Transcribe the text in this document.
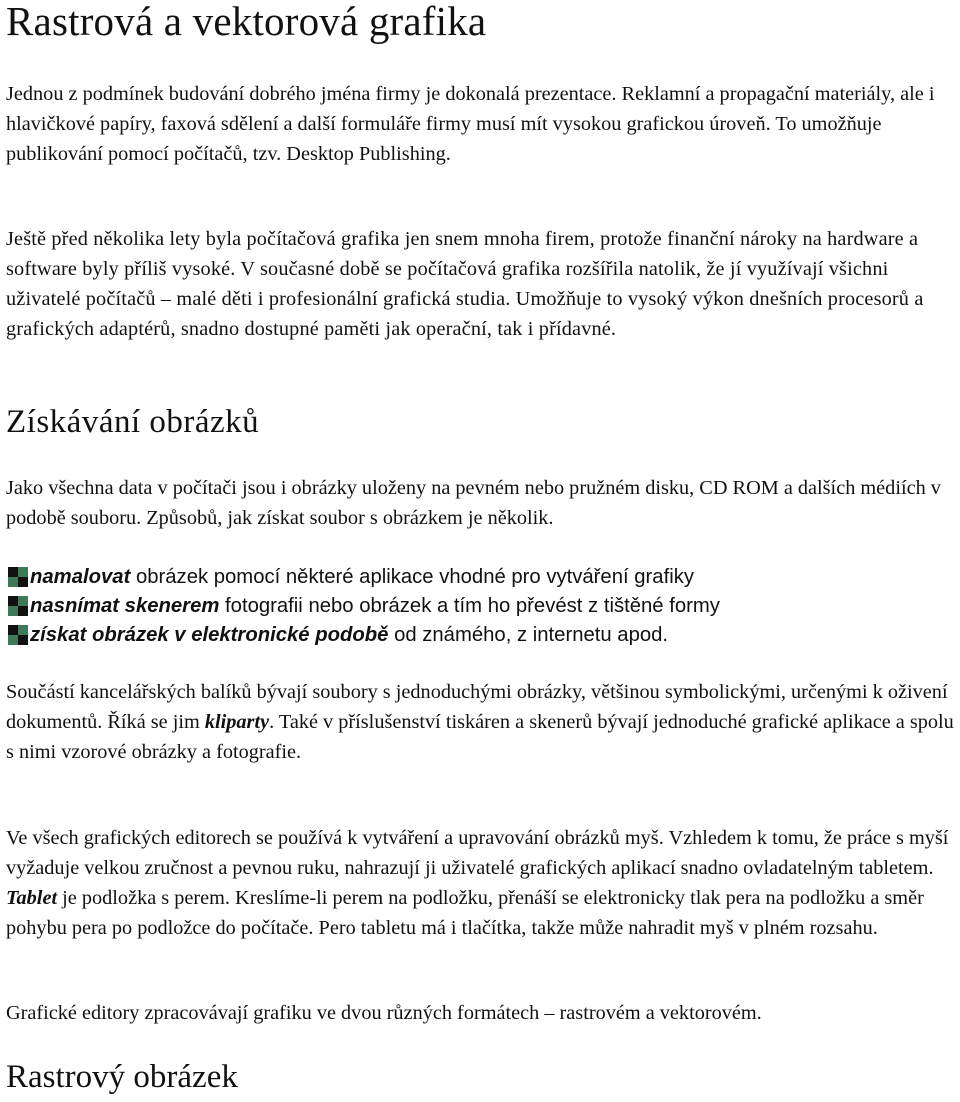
Rastrová a vektorová grafika

Jednou z podmínek budování dobrého jména firmy je dokonalá prezentace. Reklamní a propagační materiály, ale i hlavičkové papíry, faxová sdělení a další formuláře firmy musí mít vysokou grafickou úroveň. To umožňuje publikování pomocí počítačů, tzv. Desktop Publishing.

Ještě před několika lety byla počítačová grafika jen snem mnoha firem, protože finanční nároky na hardware a software byly příliš vysoké. V současné době se počítačová grafika rozšířila natolik, že jí využívají všichni uživatelé počítačů – malé děti i profesionální grafická studia. Umožňuje to vysoký výkon dnešních procesorů a grafických adaptérů, snadno dostupné paměti jak operační, tak i přídavné.

Získávání obrázků

Jako všechna data v počítači jsou i obrázky uloženy na pevném nebo pružném disku, CD ROM a dalších médiích v podobě souboru. Způsobů, jak získat soubor s obrázkem je několik.

namalovat obrázek pomocí některé aplikace vhodné pro vytváření grafiky
nasnímat skenerem fotografii nebo obrázek a tím ho převést z tištěné formy
získat obrázek v elektronické podobě od známého, z internetu apod.

Součástí kancelářských balíků bývají soubory s jednoduchými obrázky, většinou symbolickými, určenými k oživení dokumentů. Říká se jim kliparty. Také v příslušenství tiskáren a skenerů bývají jednoduché grafické aplikace a spolu s nimi vzorové obrázky a fotografie.

Ve všech grafických editorech se používá k vytváření a upravování obrázků myš. Vzhledem k tomu, že práce s myší vyžaduje velkou zručnost a pevnou ruku, nahrazují ji uživatelé grafických aplikací snadno ovladatelným tabletem. Tablet je podložka s perem. Kreslíme-li perem na podložku, přenáší se elektronicky tlak pera na podložku a směr pohybu pera po podložce do počítače. Pero tabletu má i tlačítka, takže může nahradit myš v plném rozsahu.

Grafické editory zpracovávají grafiku ve dvou různých formátech – rastrovém a vektorovém.

Rastrový obrázek
